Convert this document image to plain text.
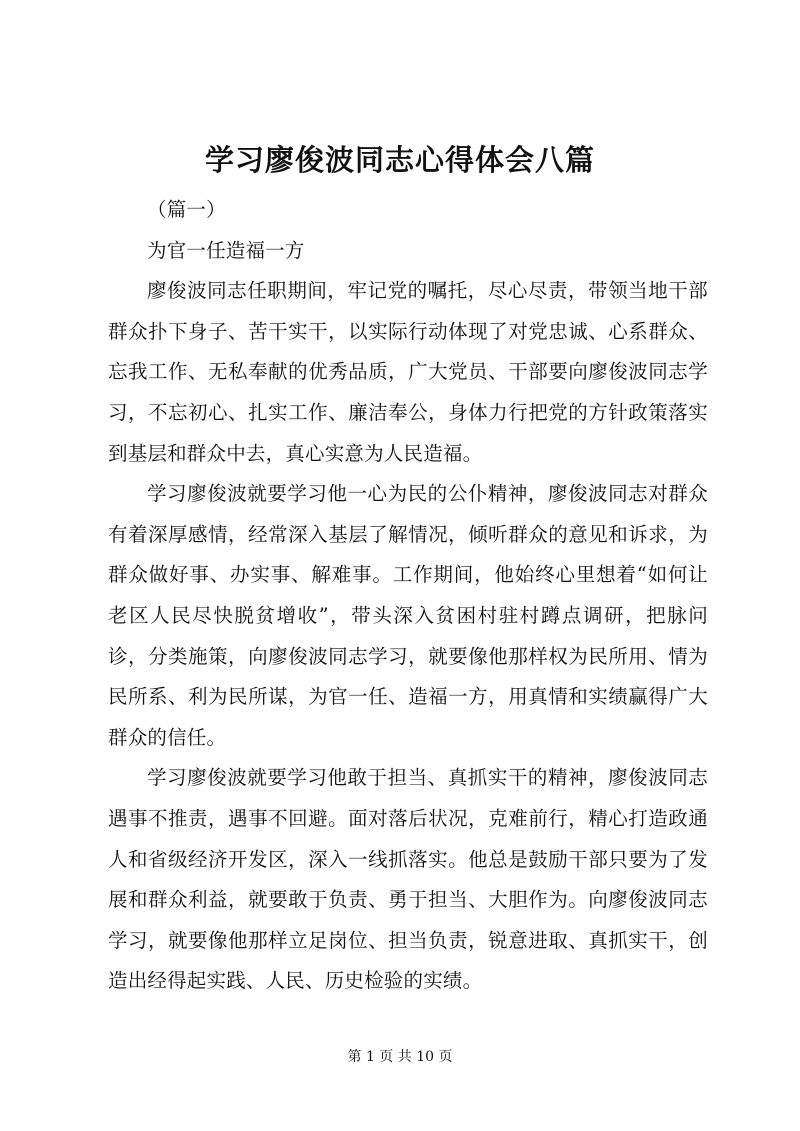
学习廖俊波同志心得体会八篇

（篇一）

为官一任造福一方

廖俊波同志任职期间，牢记党的嘱托，尽心尽责，带领当地干部群众扑下身子、苦干实干，以实际行动体现了对党忠诚、心系群众、忘我工作、无私奉献的优秀品质，广大党员、干部要向廖俊波同志学习，不忘初心、扎实工作、廉洁奉公，身体力行把党的方针政策落实到基层和群众中去，真心实意为人民造福。

学习廖俊波就要学习他一心为民的公仆精神，廖俊波同志对群众有着深厚感情，经常深入基层了解情况，倾听群众的意见和诉求，为群众做好事、办实事、解难事。工作期间，他始终心里想着“如何让老区人民尽快脱贫增收”，带头深入贫困村驻村蹲点调研，把脉问诊，分类施策，向廖俊波同志学习，就要像他那样权为民所用、情为民所系、利为民所谋，为官一任、造福一方，用真情和实绩赢得广大群众的信任。

学习廖俊波就要学习他敢于担当、真抓实干的精神，廖俊波同志遇事不推责，遇事不回避。面对落后状况，克难前行，精心打造政通人和省级经济开发区，深入一线抓落实。他总是鼓励干部只要为了发展和群众利益，就要敢于负责、勇于担当、大胆作为。向廖俊波同志学习，就要像他那样立足岗位、担当负责，锐意进取、真抓实干，创造出经得起实践、人民、历史检验的实绩。

第 1 页 共 10 页
